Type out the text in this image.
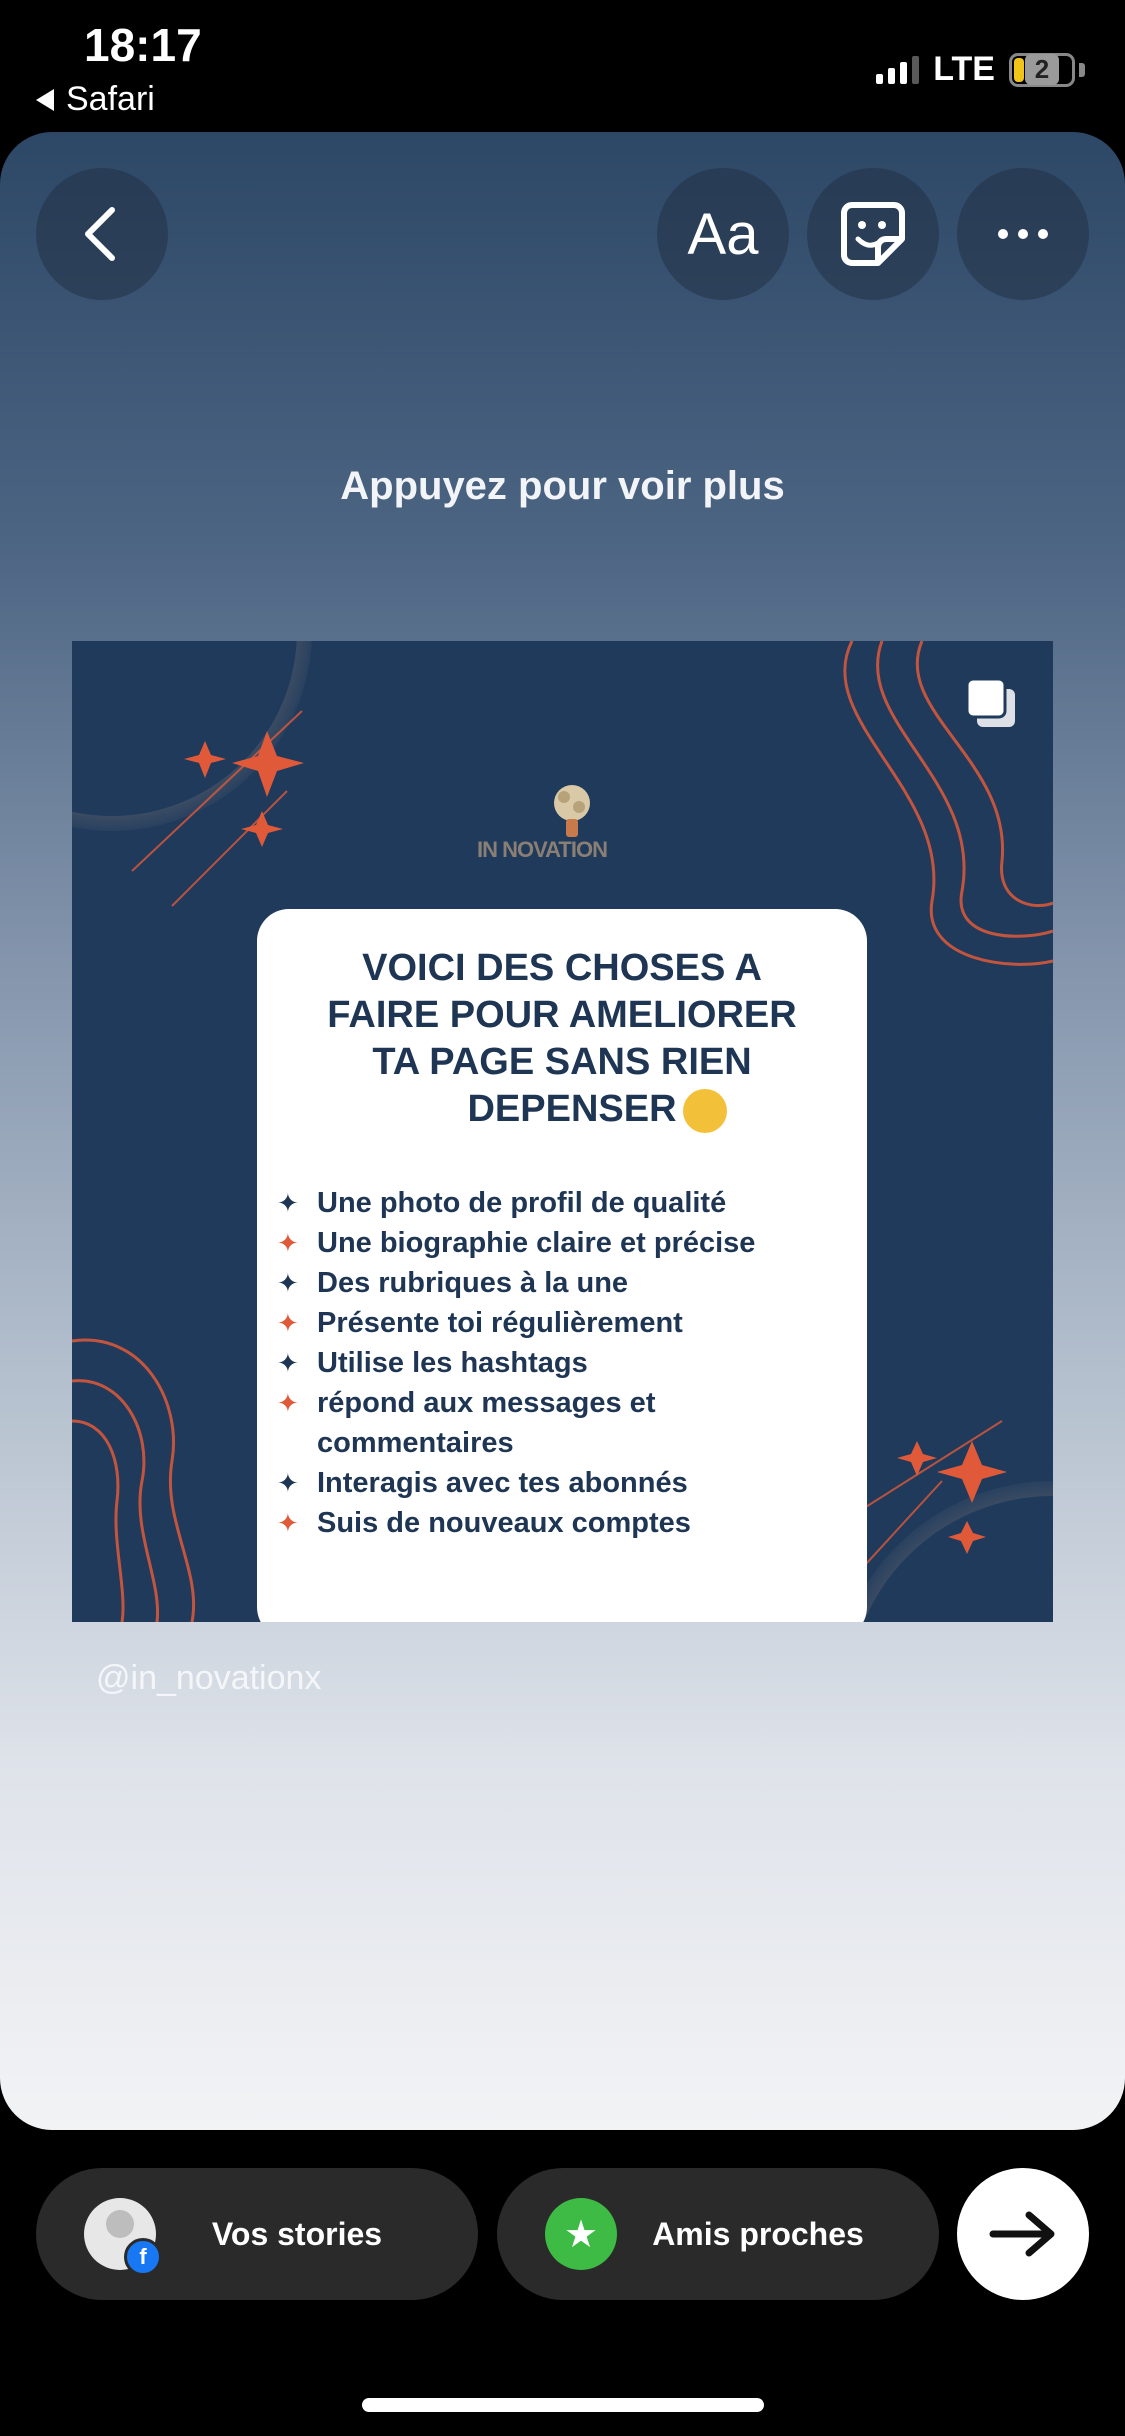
18:17
Safari
LTE	2
Aa
Appuyez pour voir plus
IN NOVATION
VOICI DES CHOSES A
FAIRE POUR AMELIORER
TA PAGE SANS RIEN
DEPENSER
✦ Une photo de profil de qualité
✦ Une biographie claire et précise
✦ Des rubriques à la une
✦ Présente toi régulièrement
✦ Utilise les hashtags
✦ répond aux messages et commentaires
✦ Interagis avec tes abonnés
✦ Suis de nouveaux comptes
@in_novationx
f
Vos stories	★	Amis proches
